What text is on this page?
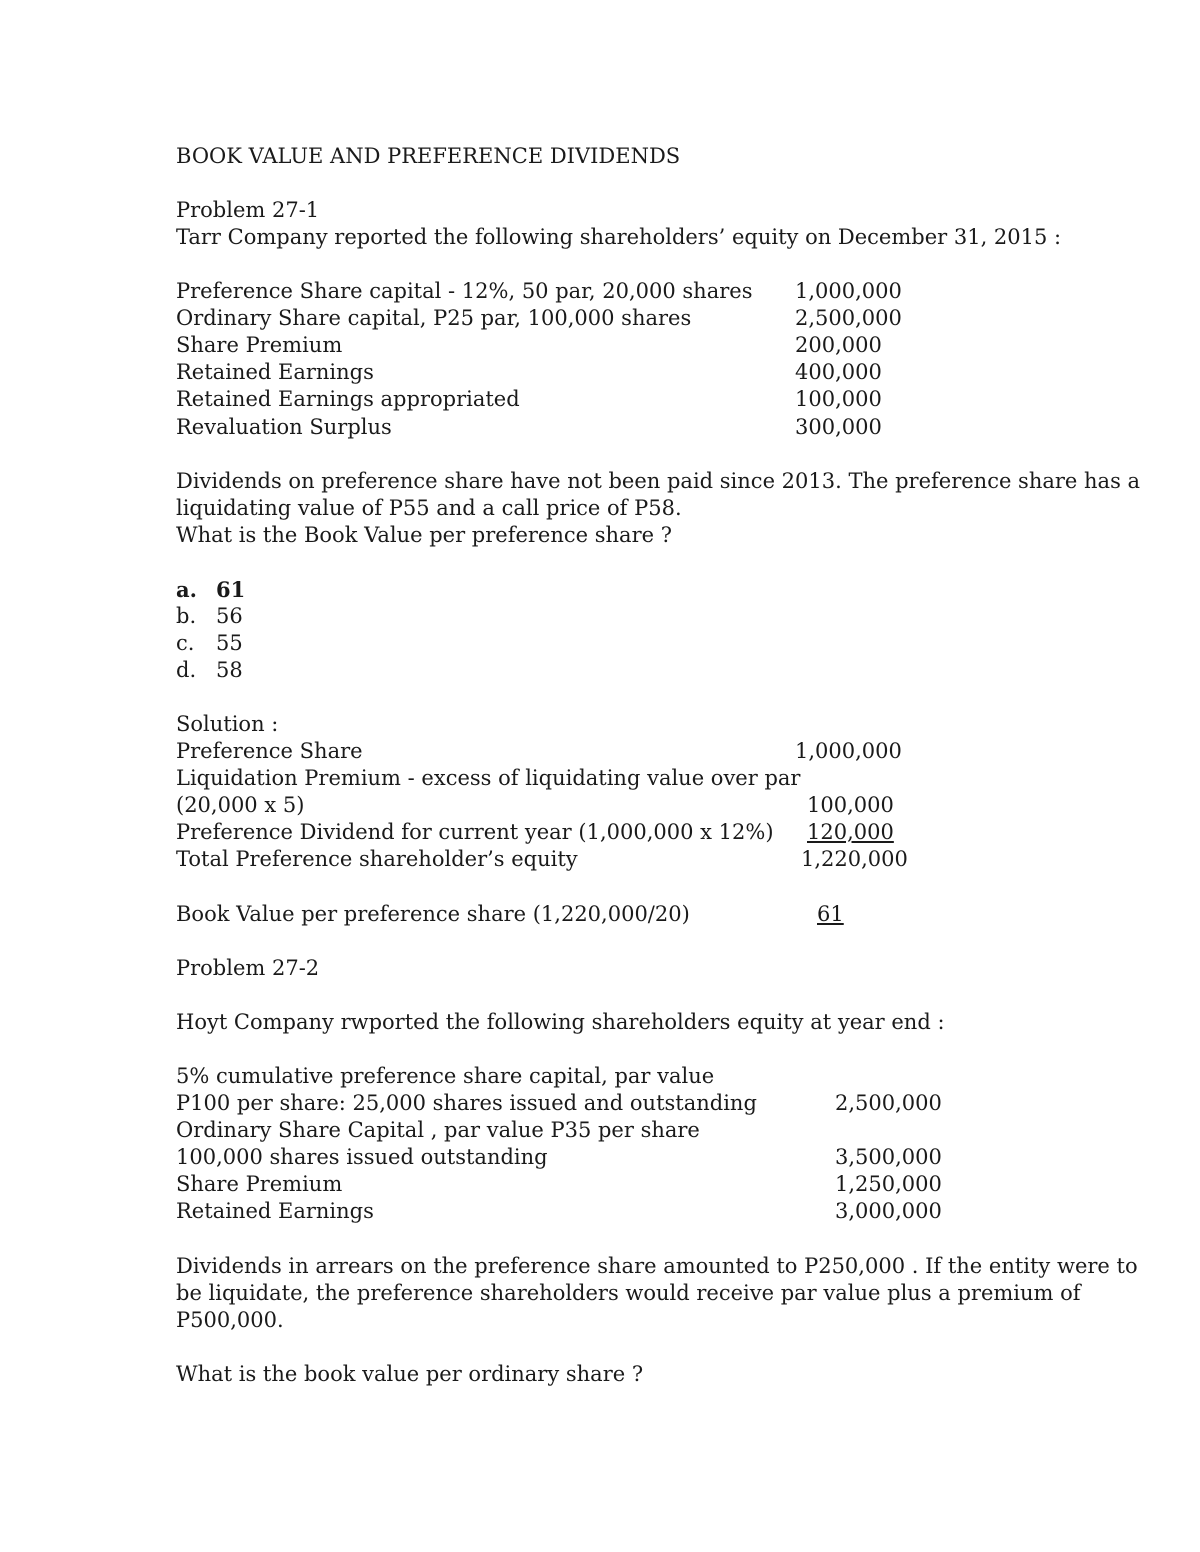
BOOK VALUE AND PREFERENCE DIVIDENDS
Problem 27-1
Tarr Company reported the following shareholders’ equity on December 31, 2015 :
Preference Share capital - 12%, 50 par, 20,000 shares 1,000,000
Ordinary Share capital, P25 par, 100,000 shares	2,500,000
Share Premium	200,000
Retained Earnings	400,000
Retained Earnings appropriated	100,000
Revaluation Surplus	300,000
Dividends on preference share have not been paid since 2013. The preference share has a
liquidating value of P55 and a call price of P58.
What is the Book Value per preference share ?
a. 61
b. 56
c. 55
d. 58
Solution :
Preference Share	1,000,000
Liquidation Premium - excess of liquidating value over par
(20,000 x 5)	100,000
Preference Dividend for current year (1,000,000 x 12%) 120,000
Total Preference shareholder’s equity	1,220,000
Book Value per preference share (1,220,000/20)	61
Problem 27-2
Hoyt Company rwported the following shareholders equity at year end :
5% cumulative preference share capital, par value
P100 per share: 25,000 shares issued and outstanding	2,500,000
Ordinary Share Capital , par value P35 per share
100,000 shares issued outstanding	3,500,000
Share Premium	1,250,000
Retained Earnings	3,000,000
Dividends in arrears on the preference share amounted to P250,000 . If the entity were to
be liquidate, the preference shareholders would receive par value plus a premium of
P500,000.
What is the book value per ordinary share ?
